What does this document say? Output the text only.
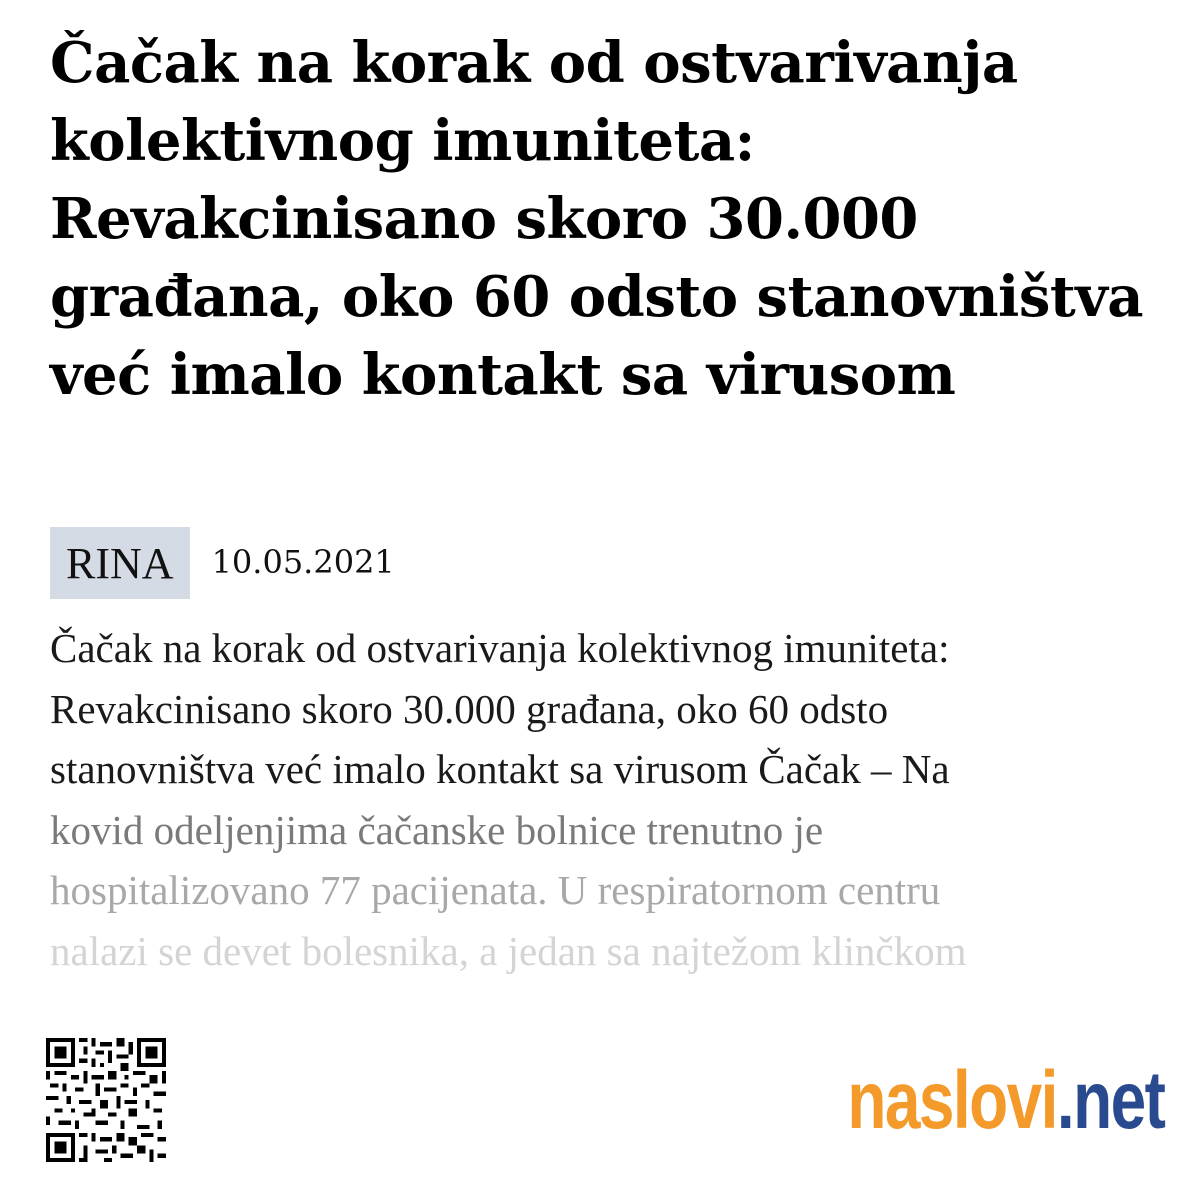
Čačak na korak od ostvarivanja kolektivnog imuniteta: Revakcinisano skoro 30.000 građana, oko 60 odsto stanovništva već imalo kontakt sa virusom
RINA	10.05.2021
Čačak na korak od ostvarivanja kolektivnog imuniteta:
Revakcinisano skoro 30.000 građana, oko 60 odsto
stanovništva već imalo kontakt sa virusom Čačak – Na
kovid odeljenjima čačanske bolnice trenutno je
hospitalizovano 77 pacijenata. U respiratornom centru
nalazi se devet bolesnika, a jedan sa najtežom klinčkom
naslovi.net
